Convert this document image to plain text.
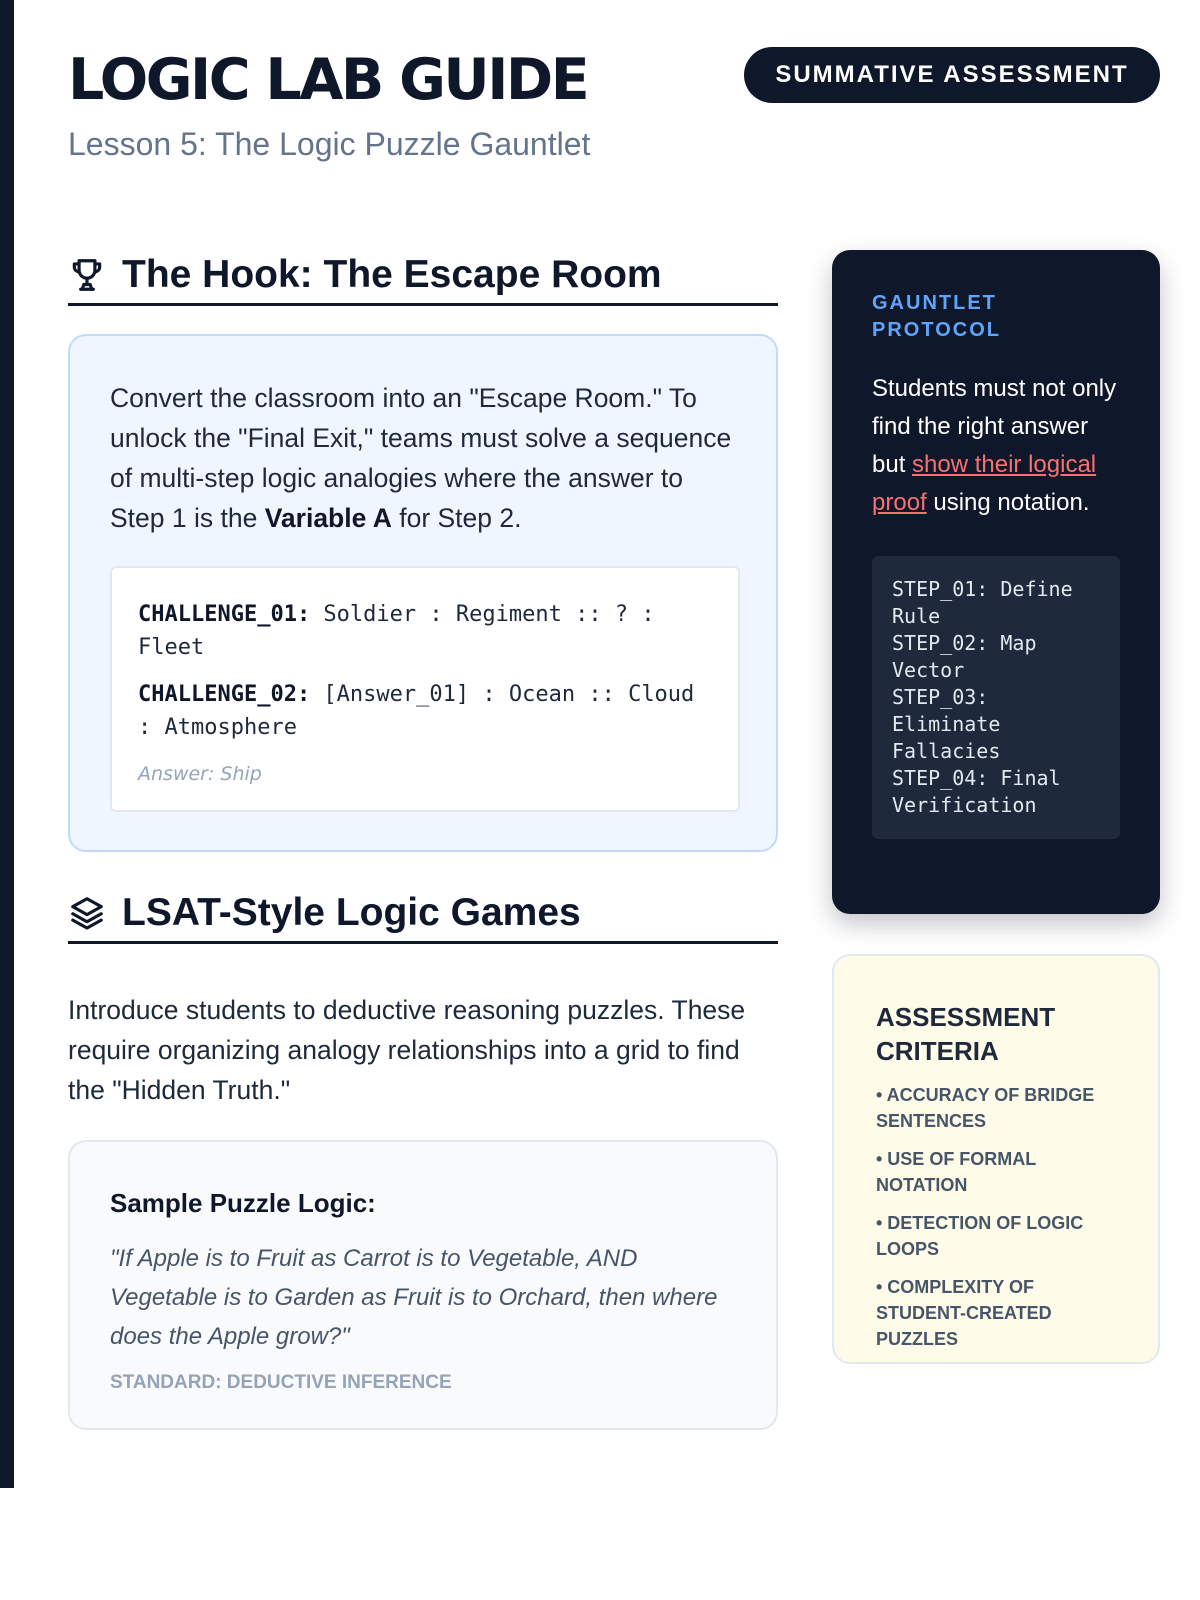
LOGIC LAB GUIDE
Lesson 5: The Logic Puzzle Gauntlet
SUMMATIVE ASSESSMENT
The Hook: The Escape Room

Convert the classroom into an "Escape Room." To unlock the "Final Exit," teams must solve a sequence of multi-step logic analogies where the answer to Step 1 is the Variable A for Step 2.

CHALLENGE_01: Soldier : Regiment :: ? : Fleet
CHALLENGE_02: [Answer_01] : Ocean :: Cloud : Atmosphere
Answer: Ship
LSAT-Style Logic Games

Introduce students to deductive reasoning puzzles. These require organizing analogy relationships into a grid to find the "Hidden Truth."

Sample Puzzle Logic:
"If Apple is to Fruit as Carrot is to Vegetable, AND Vegetable is to Garden as Fruit is to Orchard, then where does the Apple grow?"
STANDARD: DEDUCTIVE INFERENCE
GAUNTLET PROTOCOL

Students must not only find the right answer but show their logical proof using notation.

STEP_01: Define Rule
STEP_02: Map Vector
STEP_03: Eliminate Fallacies
STEP_04: Final Verification
ASSESSMENT CRITERIA
• ACCURACY OF BRIDGE SENTENCES
• USE OF FORMAL NOTATION
• DETECTION OF LOGIC LOOPS
• COMPLEXITY OF STUDENT-CREATED PUZZLES
